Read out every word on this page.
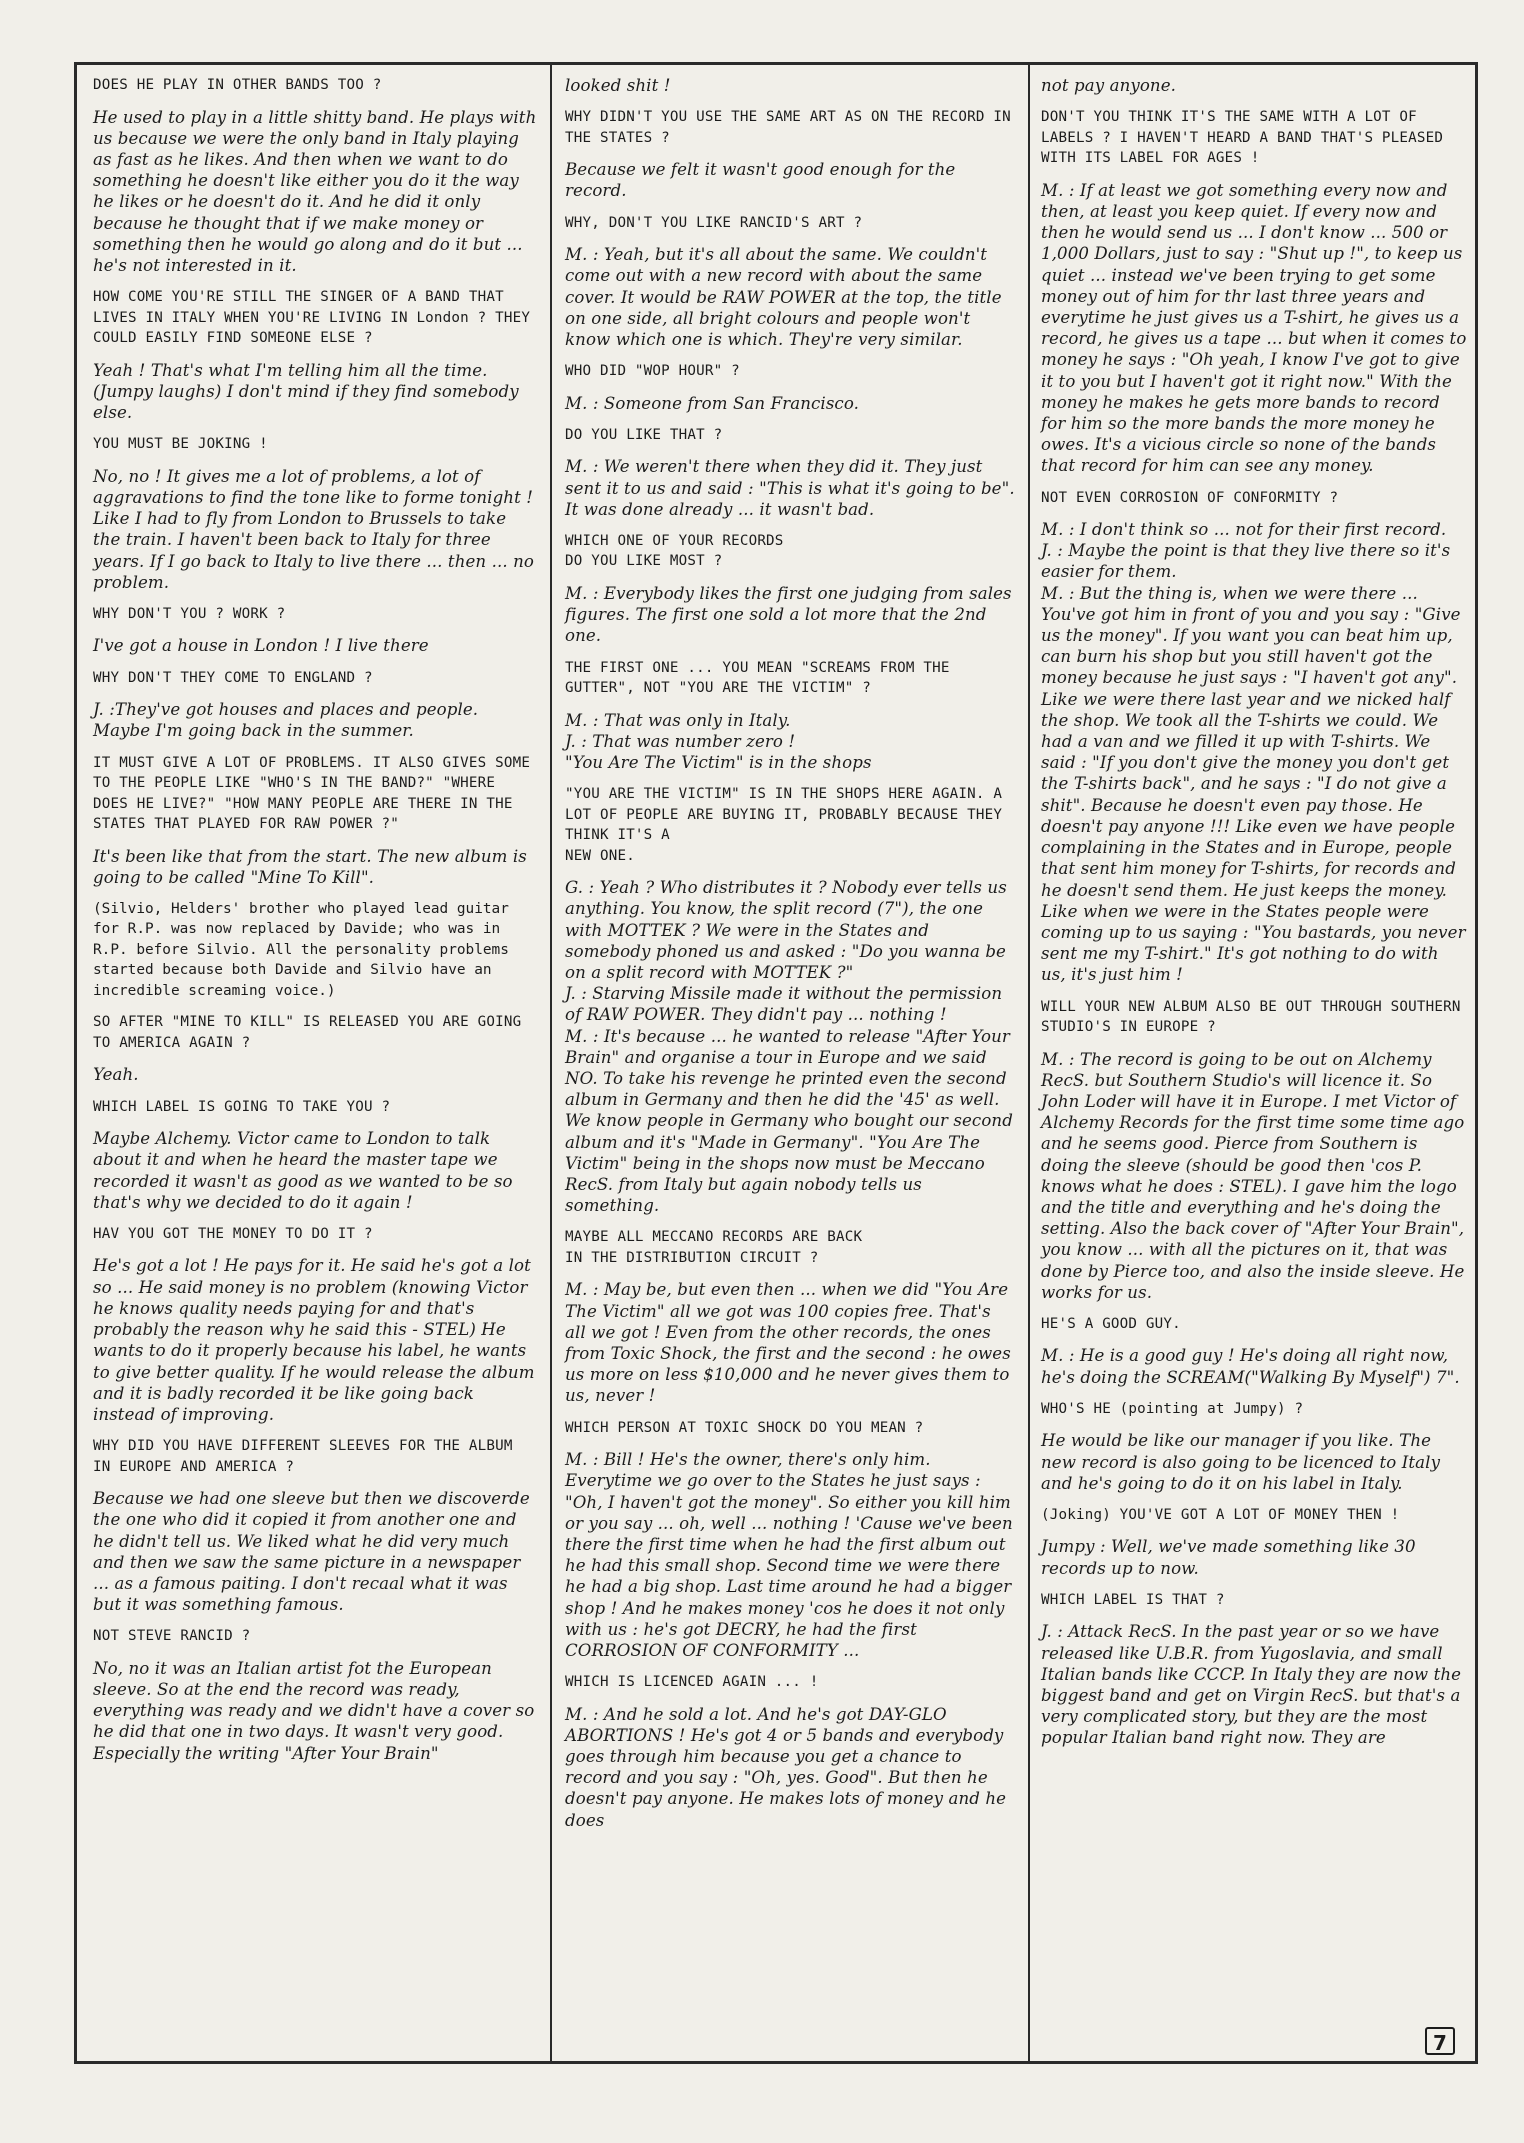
DOES HE PLAY IN OTHER BANDS TOO ?

He used to play in a little shitty band. He plays with us because we were the only band in Italy playing as fast as he likes. And then when we want to do something he doesn't like either you do it the way he likes or he doesn't do it. And he did it only because he thought that if we make money or something then he would go along and do it but ... he's not interested in it.

HOW COME YOU'RE STILL THE SINGER OF A BAND THAT LIVES IN ITALY WHEN YOU'RE LIVING IN London ? THEY COULD EASILY FIND SOMEONE ELSE ?

Yeah ! That's what I'm telling him all the time. (Jumpy laughs) I don't mind if they find somebody else.

YOU MUST BE JOKING !

No, no ! It gives me a lot of problems, a lot of aggravations to find the tone like to forme tonight ! Like I had to fly from London to Brussels to take the train. I haven't been back to Italy for three years. If I go back to Italy to live there ... then ... no problem.

WHY DON'T YOU ? WORK ?

I've got a house in London ! I live there

WHY DON'T THEY COME TO ENGLAND ?

J. :They've got houses and places and people.
Maybe I'm going back in the summer.

IT MUST GIVE A LOT OF PROBLEMS. IT ALSO GIVES SOME TO THE PEOPLE LIKE "WHO'S IN THE BAND?" "WHERE DOES HE LIVE?" "HOW MANY PEOPLE ARE THERE IN THE STATES THAT PLAYED FOR RAW POWER ?"

It's been like that from the start. The new album is going to be called "Mine To Kill".

(Silvio, Helders' brother who played lead guitar for R.P. was now replaced by Davide; who was in R.P. before Silvio. All the personality problems started because both Davide and Silvio have an incredible screaming voice.)

SO AFTER "MINE TO KILL" IS RELEASED YOU ARE GOING TO AMERICA AGAIN ?

Yeah.

WHICH LABEL IS GOING TO TAKE YOU ?

Maybe Alchemy. Victor came to London to talk about it and when he heard the master tape we recorded it wasn't as good as we wanted to be so that's why we decided to do it again !

HAV YOU GOT THE MONEY TO DO IT ?

He's got a lot ! He pays for it. He said he's got a lot so ... He said money is no problem (knowing Victor he knows quality needs paying for and that's probably the reason why he said this - STEL) He wants to do it properly because his label, he wants to give better quality. If he would release the album and it is badly recorded it be like going back instead of improving.

WHY DID YOU HAVE DIFFERENT SLEEVES FOR THE ALBUM IN EUROPE AND AMERICA ?

Because we had one sleeve but then we discoverde the one who did it copied it from another one and he didn't tell us. We liked what he did very much and then we saw the same picture in a newspaper ... as a famous paiting. I don't recaal what it was but it was something famous.

NOT STEVE RANCID ?

No, no it was an Italian artist fot the European sleeve. So at the end the record was ready, everything was ready and we didn't have a cover so he did that one in two days. It wasn't very good. Especially the writing "After Your Brain"

looked shit !

WHY DIDN'T YOU USE THE SAME ART AS ON THE RECORD IN THE STATES ?

Because we felt it wasn't good enough for the record.

WHY, DON'T YOU LIKE RANCID'S ART ?

M. : Yeah, but it's all about the same. We couldn't come out with a new record with about the same cover. It would be RAW POWER at the top, the title on one side, all bright colours and people won't know which one is which. They're very similar.

WHO DID "WOP HOUR" ?

M. : Someone from San Francisco.

DO YOU LIKE THAT ?

M. : We weren't there when they did it. They just sent it to us and said : "This is what it's going to be". It was done already ... it wasn't bad.

WHICH ONE OF YOUR RECORDS
DO YOU LIKE MOST ?

M. : Everybody likes the first one judging from sales figures. The first one sold a lot more that the 2nd one.

THE FIRST ONE ... YOU MEAN "SCREAMS FROM THE GUTTER", NOT "YOU ARE THE VICTIM" ?

M. : That was only in Italy.
J. : That was number zero !
"You Are The Victim" is in the shops

"YOU ARE THE VICTIM" IS IN THE SHOPS HERE AGAIN. A LOT OF PEOPLE ARE BUYING IT, PROBABLY BECAUSE THEY THINK IT'S A
NEW ONE.

G. : Yeah ? Who distributes it ? Nobody ever tells us anything. You know, the split record (7"), the one with MOTTEK ? We were in the States and somebody phoned us and asked : "Do you wanna be on a split record with MOTTEK ?"
J. : Starving Missile made it without the permission of RAW POWER. They didn't pay ... nothing !
M. : It's because ... he wanted to release "After Your Brain" and organise a tour in Europe and we said NO. To take his revenge he printed even the second album in Germany and then he did the '45' as well. We know people in Germany who bought our second album and it's "Made in Germany". "You Are The Victim" being in the shops now must be Meccano RecS. from Italy but again nobody tells us something.

MAYBE ALL MECCANO RECORDS ARE BACK
IN THE DISTRIBUTION CIRCUIT ?

M. : May be, but even then ... when we did "You Are The Victim" all we got was 100 copies free. That's all we got ! Even from the other records, the ones from Toxic Shock, the first and the second : he owes us more on less $10,000 and he never gives them to us, never !

WHICH PERSON AT TOXIC SHOCK DO YOU MEAN ?

M. : Bill ! He's the owner, there's only him. Everytime we go over to the States he just says : "Oh, I haven't got the money". So either you kill him or you say ... oh, well ... nothing ! 'Cause we've been there the first time when he had the first album out he had this small shop. Second time we were there he had a big shop. Last time around he had a bigger shop ! And he makes money 'cos he does it not only with us : he's got DECRY, he had the first CORROSION OF CONFORMITY ...

WHICH IS LICENCED AGAIN ... !

M. : And he sold a lot. And he's got DAY-GLO ABORTIONS ! He's got 4 or 5 bands and everybody goes through him because you get a chance to record and you say : "Oh, yes. Good". But then he doesn't pay anyone. He makes lots of money and he does

not pay anyone.

DON'T YOU THINK IT'S THE SAME WITH A LOT OF LABELS ? I HAVEN'T HEARD A BAND THAT'S PLEASED WITH ITS LABEL FOR AGES !

M. : If at least we got something every now and then, at least you keep quiet. If every now and then he would send us ... I don't know ... 500 or 1,000 Dollars, just to say : "Shut up !", to keep us quiet ... instead we've been trying to get some money out of him for thr last three years and everytime he just gives us a T-shirt, he gives us a record, he gives us a tape ... but when it comes to money he says : "Oh yeah, I know I've got to give it to you but I haven't got it right now." With the money he makes he gets more bands to record for him so the more bands the more money he owes. It's a vicious circle so none of the bands that record for him can see any money.

NOT EVEN CORROSION OF CONFORMITY ?

M. : I don't think so ... not for their first record.
J. : Maybe the point is that they live there so it's easier for them.
M. : But the thing is, when we were there ... You've got him in front of you and you say : "Give us the money". If you want you can beat him up, can burn his shop but you still haven't got the money because he just says : "I haven't got any". Like we were there last year and we nicked half the shop. We took all the T-shirts we could. We had a van and we filled it up with T-shirts. We said : "If you don't give the money you don't get the T-shirts back", and he says : "I do not give a shit". Because he doesn't even pay those. He doesn't pay anyone !!! Like even we have people complaining in the States and in Europe, people that sent him money for T-shirts, for records and he doesn't send them. He just keeps the money. Like when we were in the States people were coming up to us saying : "You bastards, you never sent me my T-shirt." It's got nothing to do with us, it's just him !

WILL YOUR NEW ALBUM ALSO BE OUT THROUGH SOUTHERN STUDIO'S IN EUROPE ?

M. : The record is going to be out on Alchemy RecS. but Southern Studio's will licence it. So John Loder will have it in Europe. I met Victor of Alchemy Records for the first time some time ago and he seems good. Pierce from Southern is doing the sleeve (should be good then 'cos P. knows what he does : STEL). I gave him the logo and the title and everything and he's doing the setting. Also the back cover of "After Your Brain", you know ... with all the pictures on it, that was done by Pierce too, and also the inside sleeve. He works for us.

HE'S A GOOD GUY.

M. : He is a good guy ! He's doing all right now, he's doing the SCREAM("Walking By Myself") 7".

WHO'S HE (pointing at Jumpy) ?

He would be like our manager if you like. The new record is also going to be licenced to Italy and he's going to do it on his label in Italy.

(Joking) YOU'VE GOT A LOT OF MONEY THEN !

Jumpy : Well, we've made something like 30 records up to now.

WHICH LABEL IS THAT ?

J. : Attack RecS. In the past year or so we have released like U.B.R. from Yugoslavia, and small Italian bands like CCCP. In Italy they are now the biggest band and get on Virgin RecS. but that's a very complicated story, but they are the most popular Italian band right now. They are

7
